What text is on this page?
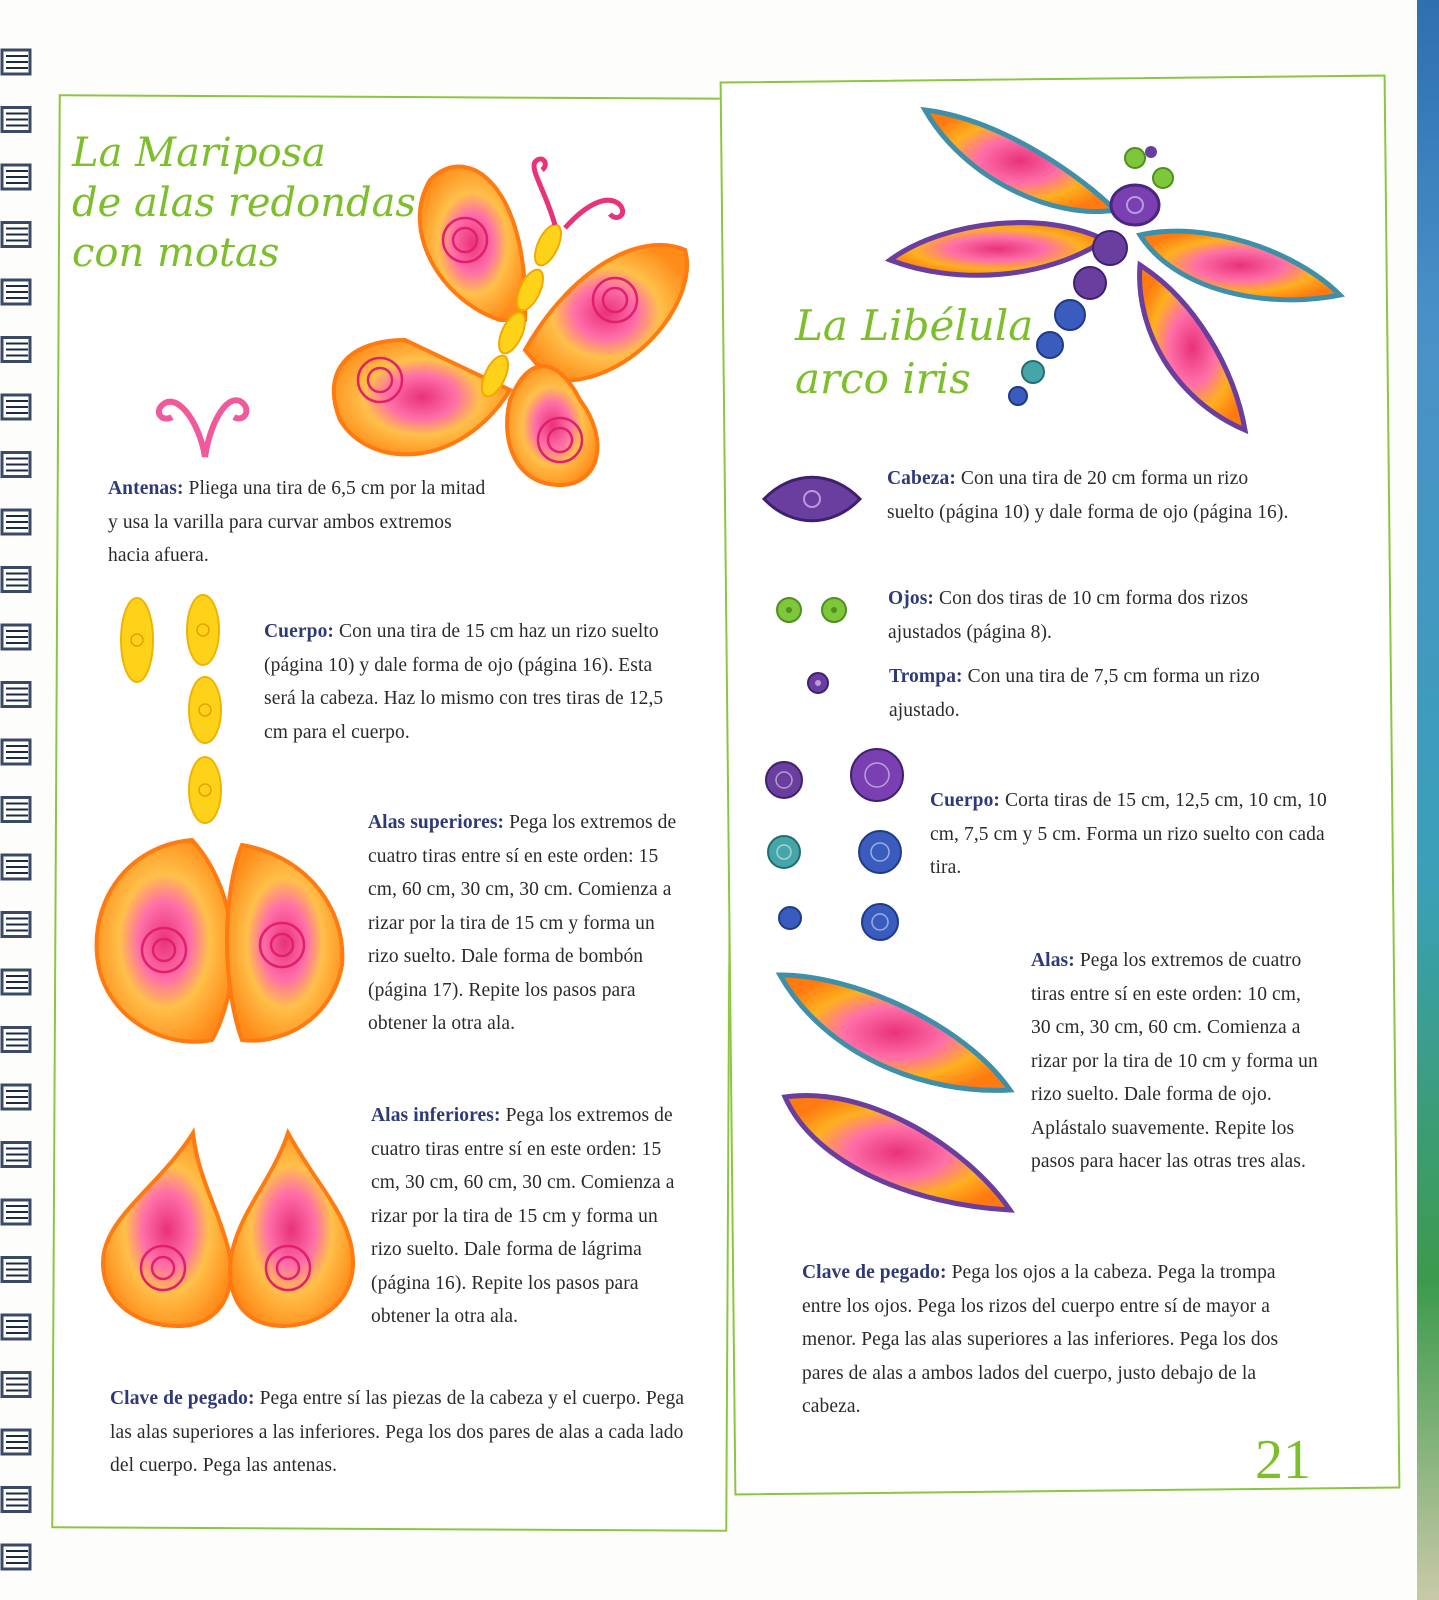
La Mariposa
de alas redondas
con motas

Antenas: Pliega una tira de 6,5 cm por la mitad y usa la varilla para curvar ambos extremos hacia afuera.

Cuerpo: Con una tira de 15 cm haz un rizo suelto (página 10) y dale forma de ojo (página 16). Esta será la cabeza. Haz lo mismo con tres tiras de 12,5 cm para el cuerpo.

Alas superiores: Pega los extremos de cuatro tiras entre sí en este orden: 15 cm, 60 cm, 30 cm, 30 cm. Comienza a rizar por la tira de 15 cm y forma un rizo suelto. Dale forma de bombón (página 17). Repite los pasos para obtener la otra ala.

Alas inferiores: Pega los extremos de cuatro tiras entre sí en este orden: 15 cm, 30 cm, 60 cm, 30 cm. Comienza a rizar por la tira de 15 cm y forma un rizo suelto. Dale forma de lágrima (página 16). Repite los pasos para obtener la otra ala.

Clave de pegado: Pega entre sí las piezas de la cabeza y el cuerpo. Pega las alas superiores a las inferiores. Pega los dos pares de alas a cada lado del cuerpo. Pega las antenas.

La Libélula
arco iris

Cabeza: Con una tira de 20 cm forma un rizo suelto (página 10) y dale forma de ojo (página 16).

Ojos: Con dos tiras de 10 cm forma dos rizos ajustados (página 8).

Trompa: Con una tira de 7,5 cm forma un rizo ajustado.

Cuerpo: Corta tiras de 15 cm, 12,5 cm, 10 cm, 10 cm, 7,5 cm y 5 cm. Forma un rizo suelto con cada tira.

Alas: Pega los extremos de cuatro tiras entre sí en este orden: 10 cm, 30 cm, 30 cm, 60 cm. Comienza a rizar por la tira de 10 cm y forma un rizo suelto. Dale forma de ojo. Aplástalo suavemente. Repite los pasos para hacer las otras tres alas.

Clave de pegado: Pega los ojos a la cabeza. Pega la trompa entre los ojos. Pega los rizos del cuerpo entre sí de mayor a menor. Pega las alas superiores a las inferiores. Pega los dos pares de alas a ambos lados del cuerpo, justo debajo de la cabeza.

21
